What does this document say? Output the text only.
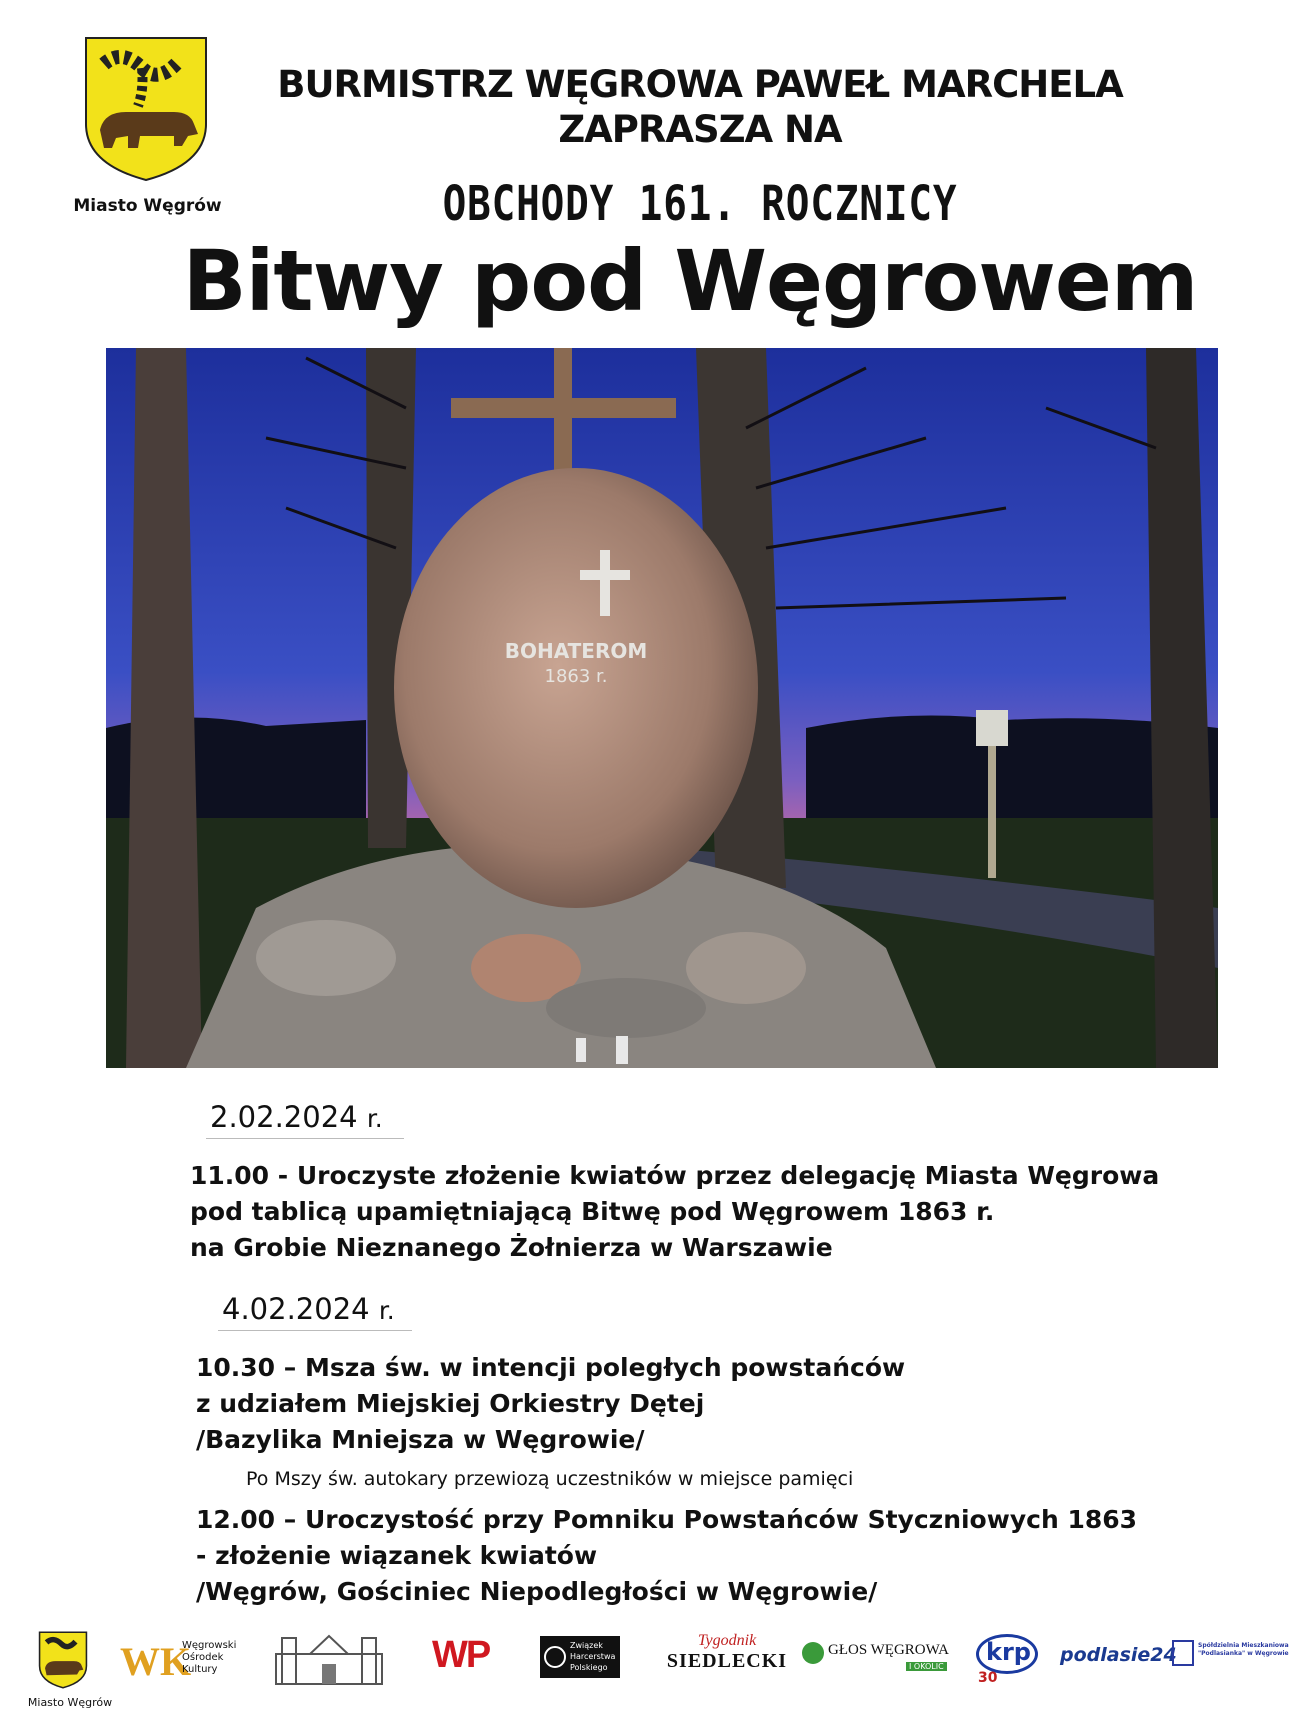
Miasto Węgrów
BURMISTRZ WĘGROWA PAWEŁ MARCHELA
ZAPRASZA NA
OBCHODY 161. ROCZNICY
Bitwy pod Węgrowem
BOHATEROM
1863 r.
2.02.2024 r.
11.00 - Uroczyste złożenie kwiatów przez delegację Miasta Węgrowa
pod tablicą upamiętniającą Bitwę pod Węgrowem 1863 r.
na Grobie Nieznanego Żołnierza w Warszawie
4.02.2024 r.
10.30 – Msza św. w intencji poległych powstańców
z udziałem Miejskiej Orkiestry Dętej
/Bazylika Mniejsza w Węgrowie/
Po Mszy św. autokary przewiozą uczestników w miejsce pamięci
12.00 – Uroczystość przy Pomniku Powstańców Styczniowych 1863
- złożenie wiązanek kwiatów
/Węgrów, Gościniec Niepodległości w Węgrowie/
WK
Węgrowski
Ośrodek
Kultury	WP	Związek
Harcerstwa
Polskiego
Tygodnik
SIEDLECKI	GŁOS WĘGROWA
I OKOLIC
krp
30
podlasie24	Spółdzielnia Mieszkaniowa
"Podlasianka" w Węgrowie
Miasto Węgrów
